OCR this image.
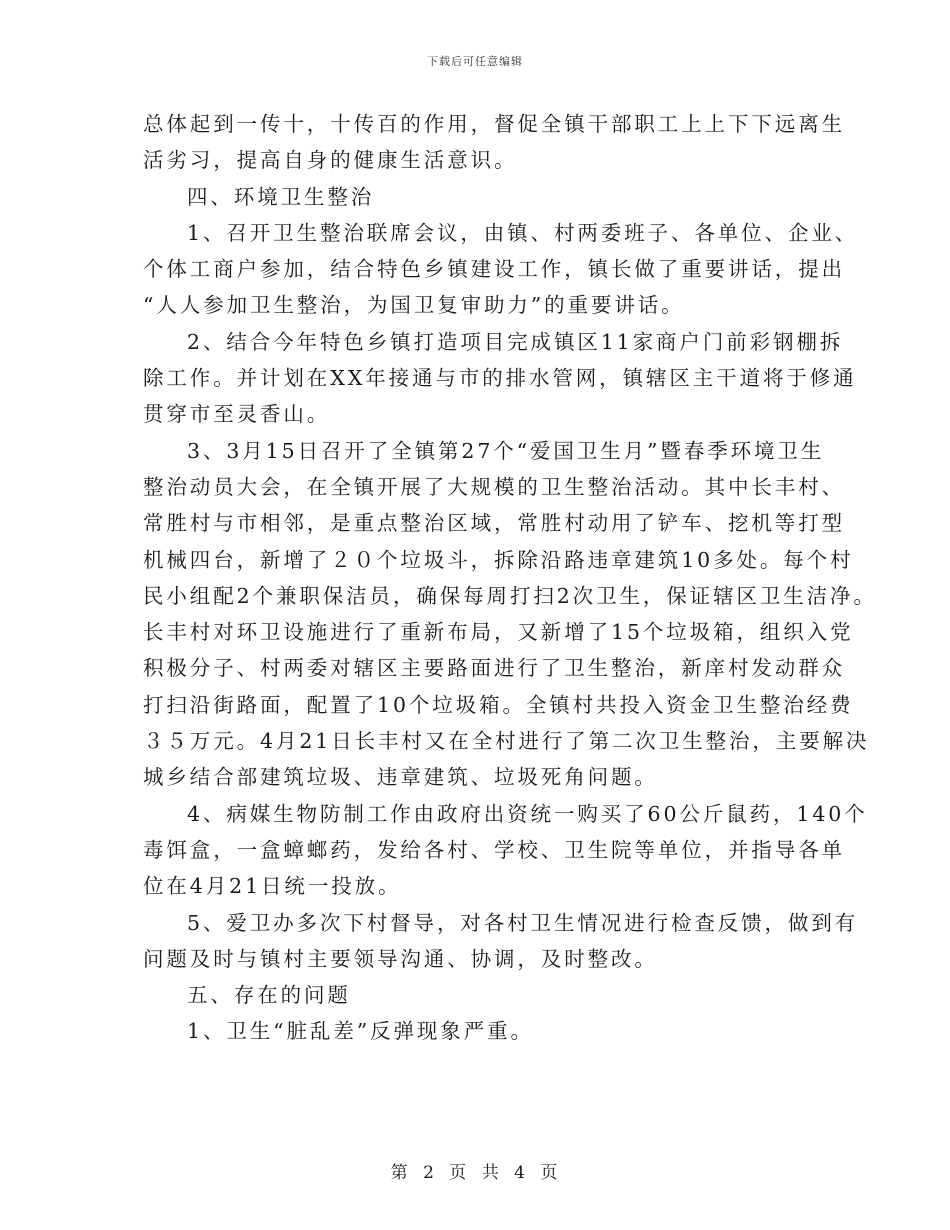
下载后可任意编辑
总体起到一传十，十传百的作用，督促全镇干部职工上上下下远离生
活劣习，提高自身的健康生活意识。
四、环境卫生整治
1、召开卫生整治联席会议，由镇、村两委班子、各单位、企业、
个体工商户参加，结合特色乡镇建设工作，镇长做了重要讲话，提出
“人人参加卫生整治，为国卫复审助力”的重要讲话。
2、结合今年特色乡镇打造项目完成镇区11家商户门前彩钢棚拆
除工作。并计划在XX年接通与市的排水管网，镇辖区主干道将于修通
贯穿市至灵香山。
3、3月15日召开了全镇第27个“爱国卫生月”暨春季环境卫生
整治动员大会，在全镇开展了大规模的卫生整治活动。其中长丰村、
常胜村与市相邻，是重点整治区域，常胜村动用了铲车、挖机等打型
机械四台，新增了２０个垃圾斗，拆除沿路违章建筑10多处。每个村
民小组配2个兼职保洁员，确保每周打扫2次卫生，保证辖区卫生洁净。
长丰村对环卫设施进行了重新布局，又新增了15个垃圾箱，组织入党
积极分子、村两委对辖区主要路面进行了卫生整治，新庠村发动群众
打扫沿街路面，配置了10个垃圾箱。全镇村共投入资金卫生整治经费
３５万元。4月21日长丰村又在全村进行了第二次卫生整治，主要解决
城乡结合部建筑垃圾、违章建筑、垃圾死角问题。
4、病媒生物防制工作由政府出资统一购买了60公斤鼠药，140个
毒饵盒，一盒蟑螂药，发给各村、学校、卫生院等单位，并指导各单
位在4月21日统一投放。
5、爱卫办多次下村督导，对各村卫生情况进行检查反馈，做到有
问题及时与镇村主要领导沟通、协调，及时整改。
五、存在的问题
1、卫生“脏乱差”反弹现象严重。
第 2 页 共 4 页
